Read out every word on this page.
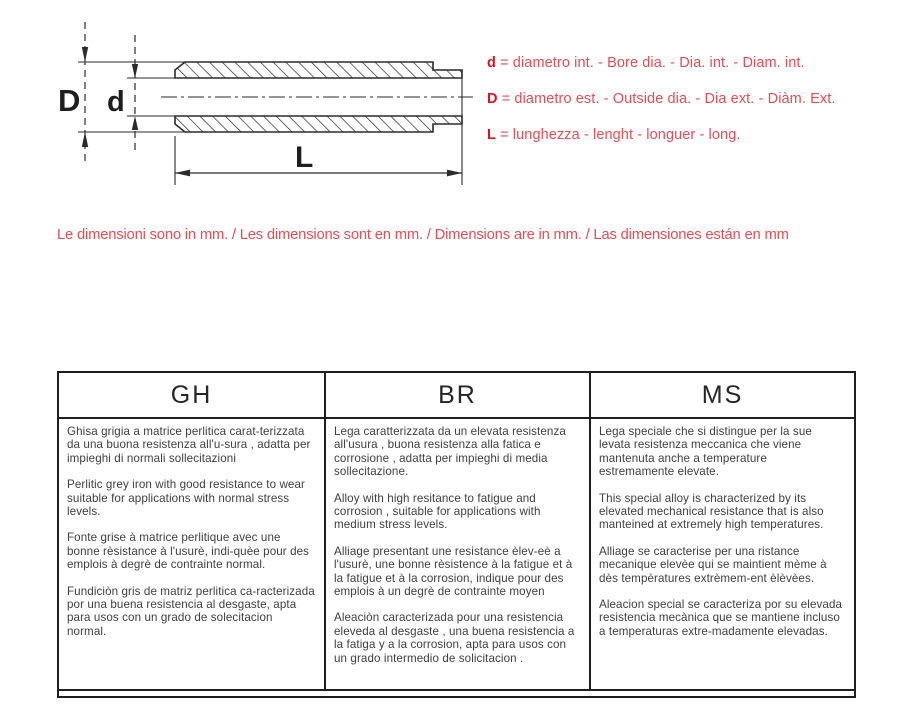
D d
L
d = diametro int. - Bore dia. - Dia. int. - Diam. int.
D = diametro est. - Outside dia. - Dia ext. - Diàm. Ext.
L = lunghezza - lenght - longuer - long.
Le dimensioni sono in mm. / Les dimensions sont en mm. / Dimensions are in mm. / Las dimensiones están en mm
GH	BR	MS

Ghisa grigia a matrice perlitica carat-terizzata da una buona resistenza all'u-sura , adatta per impieghi di normali sollecitazioni

Perlitic grey iron with good resistance to wear suitable for applications with normal stress levels.

Fonte grise à matrice perlitique avec une bonne rèsistance à l'usurè, indi-quèe pour des emplois à degrè de contrainte normal.

Fundiciòn gris de matriz perlitica ca-racterizada por una buena resistencia al desgaste, apta para usos con un grado de solecitacion normal.

Lega caratterizzata da un elevata resistenza all'usura , buona resistenza alla fatica e corrosione , adatta per impieghi di media sollecitazione.

Alloy with high resitance to fatigue and corrosion , suitable for applications with medium stress levels.

Alliage presentant une resistance èlev-eè a l'usurè, une bonne rèsistence à la fatigue et à la fatigue et à la corrosion, indique pour des emplois à un degrè de contrainte moyen

Aleaciòn caracterizada pour una resistencia eleveda al desgaste , una buena resistencia a la fatiga y a la corrosion, apta para usos con un grado intermedio de solicitacion .

Lega speciale che si distingue per la sue levata resistenza meccanica che viene mantenuta anche a temperature estremamente elevate.

This special alloy is characterized by its elevated mechanical resistance that is also manteined at extremely high temperatures.

Alliage se caracterise per una ristance mecanique elevèe qui se maintient mème à dès tempèratures extrèmem-ent èlèvèes.

Aleacion special se caracteriza por su elevada resistencia mecànica que se mantiene incluso a temperaturas extre-madamente elevadas.
